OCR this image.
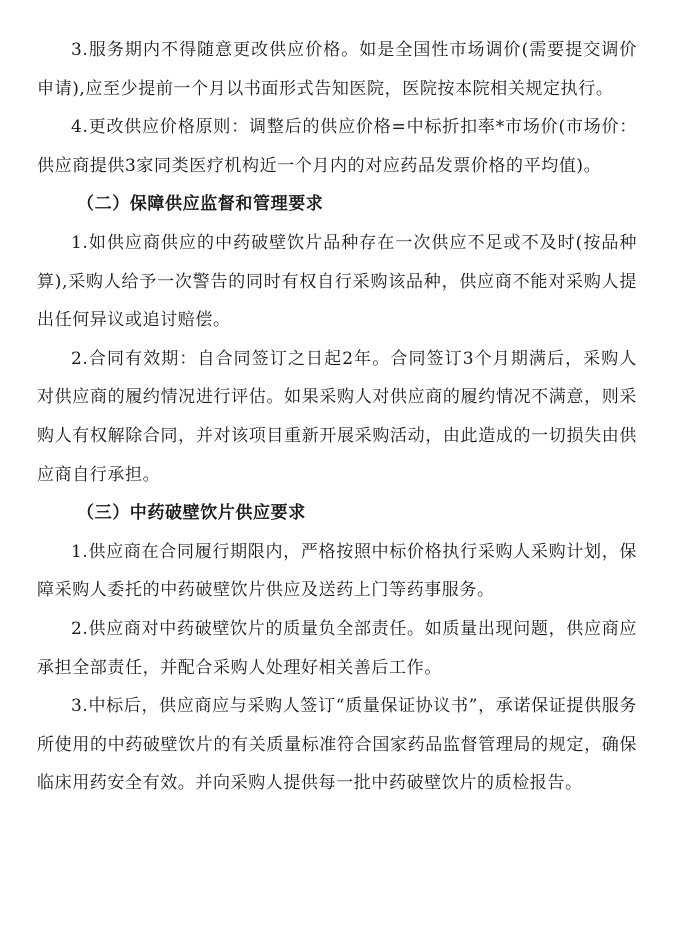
3.服务期内不得随意更改供应价格。如是全国性市场调价(需要提交调价申请),应至少提前一个月以书面形式告知医院，医院按本院相关规定执行。

4.更改供应价格原则：调整后的供应价格=中标折扣率*市场价(市场价：供应商提供3家同类医疗机构近一个月内的对应药品发票价格的平均值)。

（二）保障供应监督和管理要求

1.如供应商供应的中药破壁饮片品种存在一次供应不足或不及时(按品种算),采购人给予一次警告的同时有权自行采购该品种，供应商不能对采购人提出任何异议或追讨赔偿。

2.合同有效期：自合同签订之日起2年。合同签订3个月期满后，采购人对供应商的履约情况进行评估。如果采购人对供应商的履约情况不满意，则采购人有权解除合同，并对该项目重新开展采购活动，由此造成的一切损失由供应商自行承担。

（三）中药破壁饮片供应要求

1.供应商在合同履行期限内，严格按照中标价格执行采购人采购计划，保障采购人委托的中药破壁饮片供应及送药上门等药事服务。

2.供应商对中药破壁饮片的质量负全部责任。如质量出现问题，供应商应承担全部责任，并配合采购人处理好相关善后工作。

3.中标后，供应商应与采购人签订“质量保证协议书”，承诺保证提供服务所使用的中药破壁饮片的有关质量标准符合国家药品监督管理局的规定，确保临床用药安全有效。并向采购人提供每一批中药破壁饮片的质检报告。
